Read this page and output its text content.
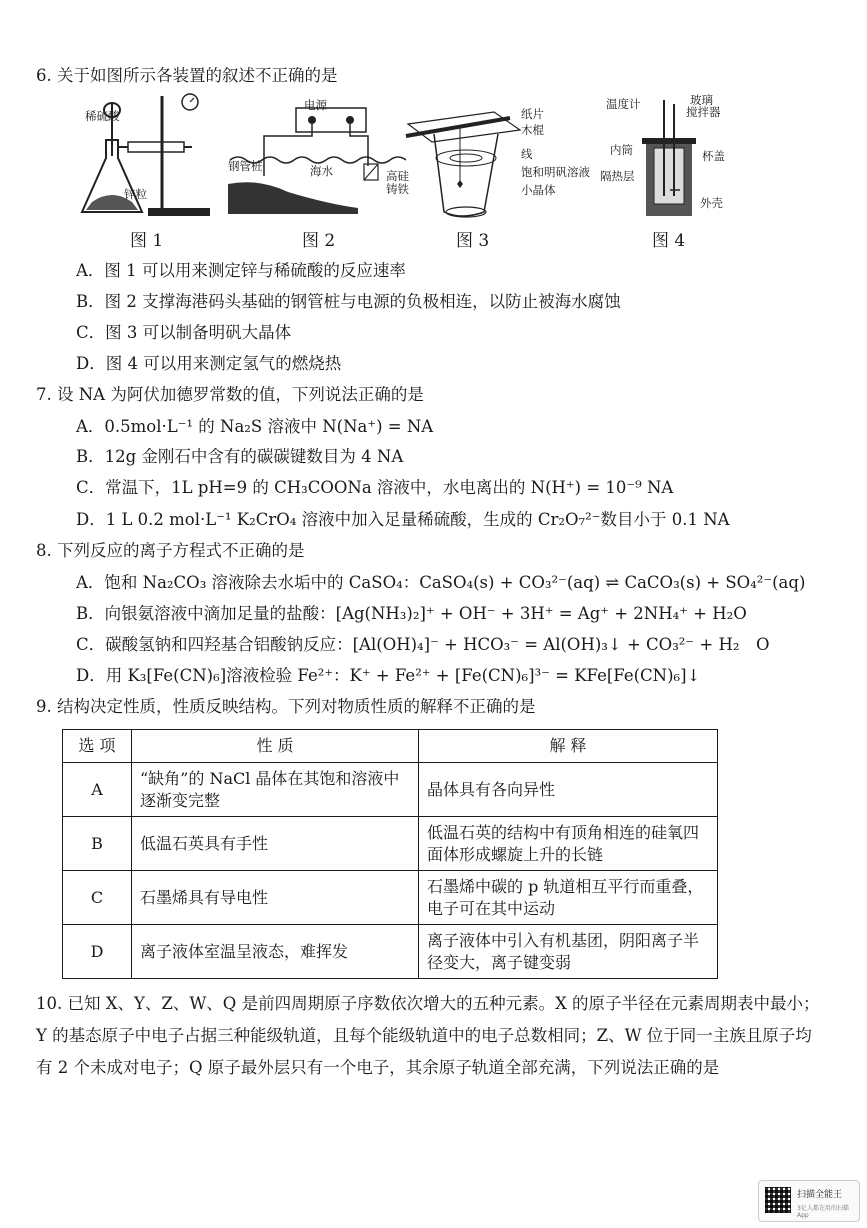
6. 关于如图所示各装置的叙述不正确的是
稀硫酸
锌粒
图 1
电源
钢管桩	海水	高硅
铸铁
图 2
纸片
木棍
线
饱和明矾溶液
小晶体
图 3
温度计	玻璃
搅拌器
内筒	杯盖
隔热层
外壳
图 4
A．图 1 可以用来测定锌与稀硫酸的反应速率
B．图 2 支撑海港码头基础的钢管桩与电源的负极相连，以防止被海水腐蚀
C．图 3 可以制备明矾大晶体
D．图 4 可以用来测定氢气的燃烧热
7. 设 NA 为阿伏加德罗常数的值，下列说法正确的是
A．0.5mol·L⁻¹ 的 Na₂S 溶液中 N(Na⁺) = NA
B．12g 金刚石中含有的碳碳键数目为 4 NA
C．常温下，1L pH=9 的 CH₃COONa 溶液中，水电离出的 N(H⁺) = 10⁻⁹ NA
D．1 L 0.2 mol·L⁻¹ K₂CrO₄ 溶液中加入足量稀硫酸，生成的 Cr₂O₇²⁻数目小于 0.1 NA
8. 下列反应的离子方程式不正确的是
A．饱和 Na₂CO₃ 溶液除去水垢中的 CaSO₄：CaSO₄(s) + CO₃²⁻(aq) ⇌ CaCO₃(s) + SO₄²⁻(aq)
B．向银氨溶液中滴加足量的盐酸：[Ag(NH₃)₂]⁺ + OH⁻ + 3H⁺ = Ag⁺ + 2NH₄⁺ + H₂O
C．碳酸氢钠和四羟基合铝酸钠反应：[Al(OH)₄]⁻ + HCO₃⁻ = Al(OH)₃↓ + CO₃²⁻ + H₂　O
D．用 K₃[Fe(CN)₆]溶液检验 Fe²⁺：K⁺ + Fe²⁺ + [Fe(CN)₆]³⁻ = KFe[Fe(CN)₆]↓
9. 结构决定性质，性质反映结构。下列对物质性质的解释不正确的是
选 项	性 质	解 释
A	“缺角”的 NaCl 晶体在其饱和溶液中逐渐变完整	晶体具有各向异性
B	低温石英具有手性	低温石英的结构中有顶角相连的硅氧四面体形成螺旋上升的长链
C	石墨烯具有导电性	石墨烯中碳的 p 轨道相互平行而重叠，电子可在其中运动
D	离子液体室温呈液态，难挥发	离子液体中引入有机基团，阴阳离子半径变大，离子键变弱
10. 已知 X、Y、Z、W、Q 是前四周期原子序数依次增大的五种元素。X 的原子半径在元素周期表中最小；Y 的基态原子中电子占据三种能级轨道，且每个能级轨道中的电子总数相同；Z、W 位于同一主族且原子均有 2 个未成对电子；Q 原子最外层只有一个电子，其余原子轨道全部充满，下列说法正确的是
扫描全能王
3亿人都在用的扫描App
